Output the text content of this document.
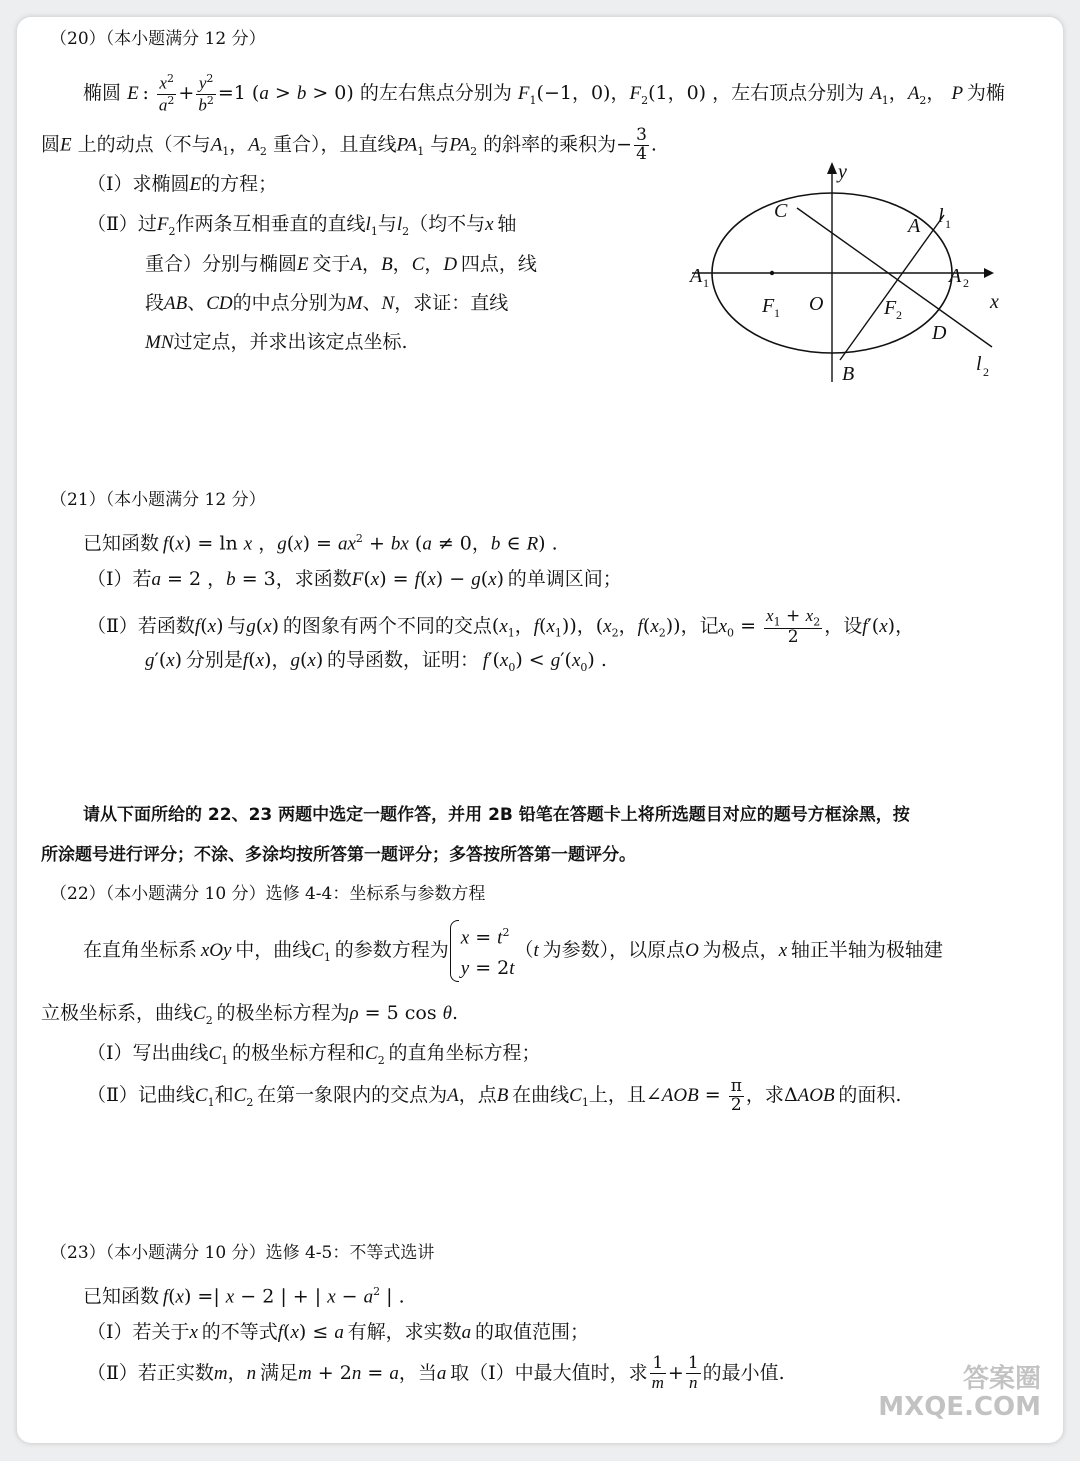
（20）（本小题满分 12 分）
椭圆 E : $\frac{x^2}{a^2} + \frac{y^2}{b^2} =1$ (a > b > 0) 的左右焦点分别为 $F_1(-1$，0)，$F_2(1$，0) ，左右顶点分别为 $A_1$，$A_2$， P  为椭
圆E 上的动点（不与$A_1$，$A_2$ 重合），且直线$PA_1$ 与$PA_2$ 的斜率的乘积为− $\frac{3}{4}$ .
（Ⅰ）求椭圆E的方程；
（Ⅱ）过$F_2$作两条互相垂直的直线$l_1$与$l_2$（均不与x  轴
重合）分别与椭圆E  交于A，B，C，D  四点，线
段AB、CD的中点分别为M、N，求证：直线
MN过定点，并求出该定点坐标.
y
C
A l 1
A 1	A 2
x
F 1 O	F 2
D
B	l 2
（21）（本小题满分 12 分）
已知函数  f(x) = ln x ，$g(x) = ax^2$ + bx (a ≠ 0，b ∈ R) .
（Ⅰ）若a = 2 ，b = 3，求函数F(x) = f(x) − g(x) 的单调区间；
（Ⅱ）若函数f(x) 与g(x) 的图象有两个不同的交点($x_1$，$f(x_1)$)，($x_2$，$f(x_2)$)，记$x_0 = \frac{x_1 + x_2}{2}$ ，设f′(x)，
g′(x) 分别是f(x)，g(x) 的导函数，证明：  $f'(x_0) < g'(x_0)$ .
请从下面所给的 22、23 两题中选定一题作答，并用 2B 铅笔在答题卡上将所选题目对应的题号方框涂黑，按
所涂题号进行评分；不涂、多涂均按所答第一题评分；多答按所答第一题评分。
（22）（本小题满分 10 分）选修 4-4：坐标系与参数方程
在直角坐标系  xOy  中，曲线$C_1$  的参数方程为
$x = t^2$
y = 2t
（t  为参数），以原点O  为极点，x  轴正半轴为极轴建
立极坐标系，曲线$C_2$  的极坐标方程为ρ = 5 cos θ.
（Ⅰ）写出曲线$C_1$  的极坐标方程和$C_2$  的直角坐标方程；
（Ⅱ）记曲线$C_1$和$C_2$  在第一象限内的交点为A，点B  在曲线$C_1$上，且∠AOB = $\frac{\pi}{2}$ ，求ΔAOB  的面积.
（23）（本小题满分 10 分）选修 4-5：不等式选讲
已知函数  f(x) =| x − 2 | + | $x - a^2$ | .
（Ⅰ）若关于x  的不等式f(x) ≤ a  有解，求实数a  的取值范围；
（Ⅱ）若正实数m，n  满足m + 2n = a，当a  取（Ⅰ）中最大值时，求 $\frac{1}{m} + \frac{1}{n}$ 的最小值.	答案圈
MXQE.COM
